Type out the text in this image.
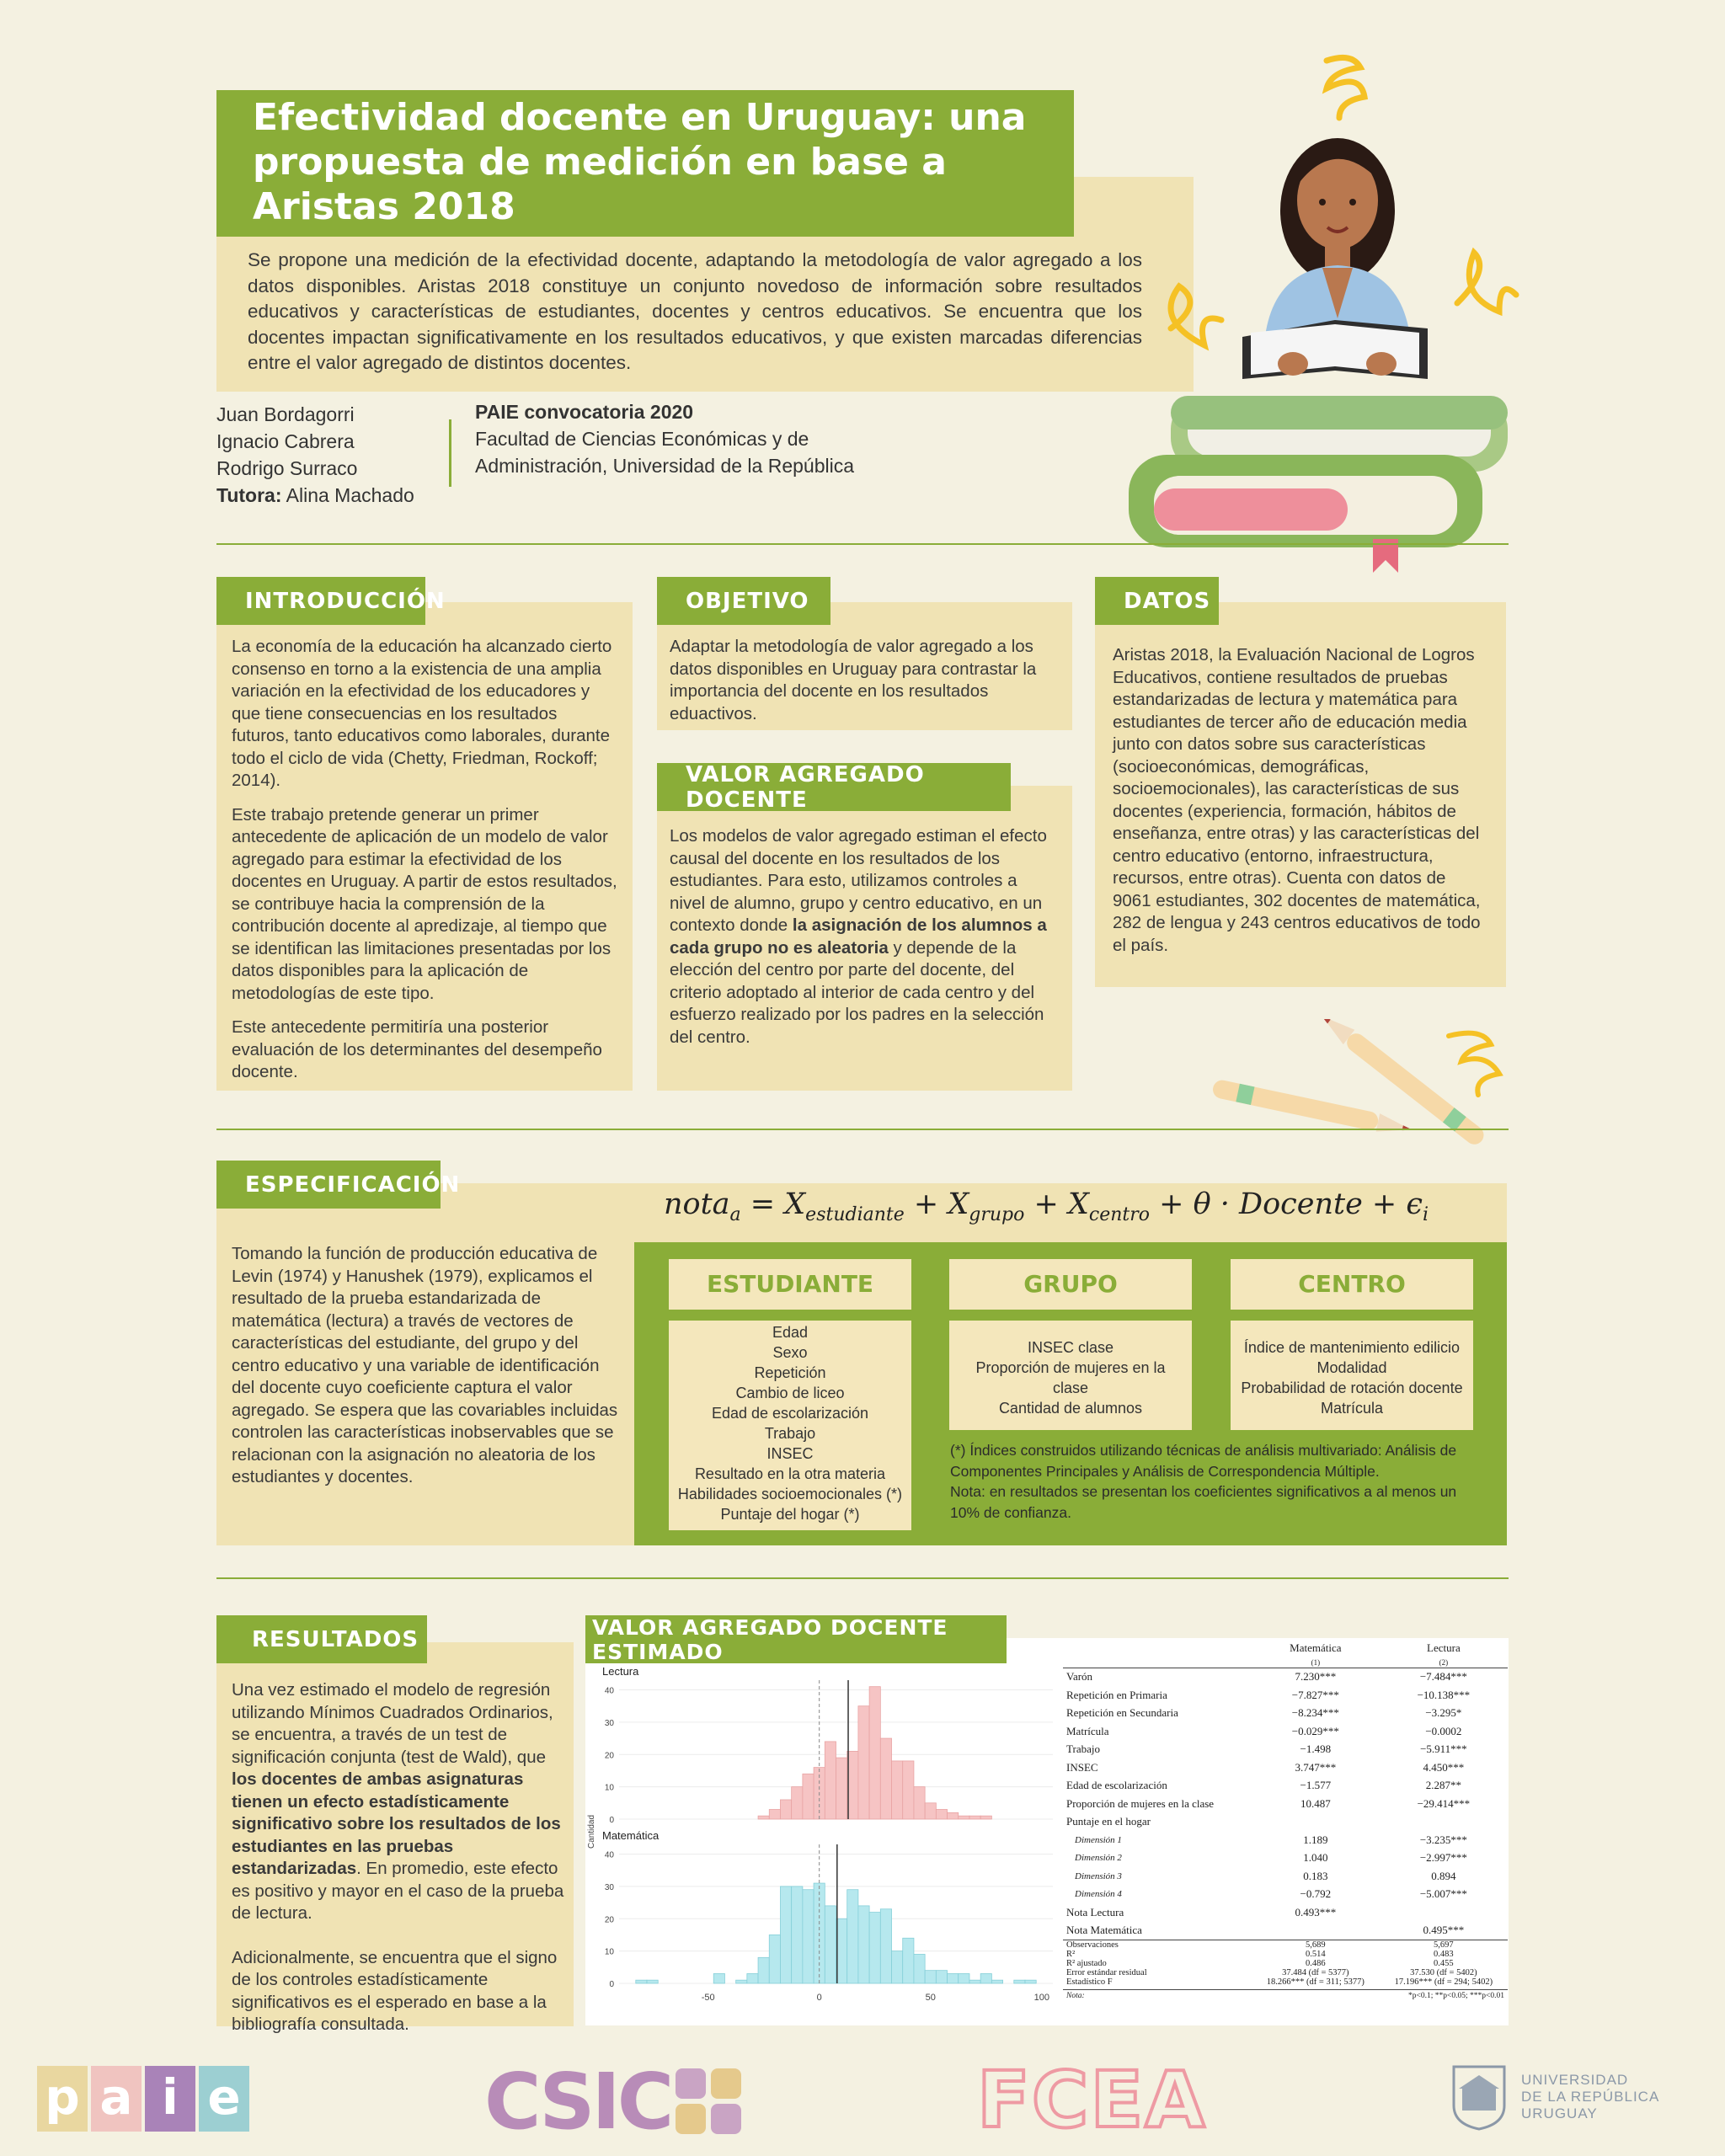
Efectividad docente en Uruguay: una propuesta de medición en base a Aristas 2018
Se propone una medición de la efectividad docente, adaptando la metodología de valor agregado a los datos disponibles. Aristas 2018 constituye un conjunto novedoso de información sobre resultados educativos y características de estudiantes, docentes y centros educativos. Se encuentra que los docentes impactan significativamente en los resultados educativos, y que existen marcadas diferencias entre el valor agregado de distintos docentes.
Juan Bordagorri
Ignacio Cabrera
Rodrigo Surraco
Tutora: Alina Machado
PAIE convocatoria 2020
Facultad de Ciencias Económicas y de Administración, Universidad de la República
INTRODUCCIÓN

La economía de la educación ha alcanzado cierto consenso en torno a la existencia de una amplia variación en la efectividad de los educadores y que tiene consecuencias en los resultados futuros, tanto educativos como laborales, durante todo el ciclo de vida (Chetty, Friedman, Rockoff; 2014).

Este trabajo pretende generar un primer antecedente de aplicación de un modelo de valor agregado para estimar la efectividad de los docentes en Uruguay. A partir de estos resultados, se contribuye hacia la comprensión de la contribución docente al apredizaje, al tiempo que se identifican las limitaciones presentadas por los datos disponibles para la aplicación de metodologías de este tipo.

Este antecedente permitiría una posterior evaluación de los determinantes del desempeño docente.

OBJETIVO
Adaptar la metodología de valor agregado a los datos disponibles en Uruguay para contrastar la importancia del docente en los resultados eduactivos.
VALOR AGREGADO DOCENTE
Los modelos de valor agregado estiman el efecto causal del docente en los resultados de los estudiantes. Para esto, utilizamos controles a nivel de alumno, grupo y centro educativo, en un contexto donde la asignación de los alumnos a cada grupo no es aleatoria y depende de la elección del centro por parte del docente, del criterio adoptado al interior de cada centro y del esfuerzo realizado por los padres en la selección del centro.
DATOS
Aristas 2018, la Evaluación Nacional de Logros Educativos, contiene resultados de pruebas estandarizadas de lectura y matemática para estudiantes de tercer año de educación media junto con datos sobre sus características (socioeconómicas, demográficas, socioemocionales), las características de sus docentes (experiencia, formación, hábitos de enseñanza, entre otras) y las características del centro educativo (entorno, infraestructura, recursos, entre otras). Cuenta con datos de 9061 estudiantes, 302 docentes de matemática, 282 de lengua y 243 centros educativos de todo el país.
ESPECIFICACIÓN
Tomando la función de producción educativa de Levin (1974) y Hanushek (1979), explicamos el resultado de la prueba estandarizada de matemática (lectura) a través de vectores de características del estudiante, del grupo y del centro educativo y una variable de identificación del docente cuyo coeficiente captura el valor agregado. Se espera que las covariables incluidas controlen las características inobservables que se relacionan con la asignación no aleatoria de los estudiantes y docentes.
nota$_a$ = $X_{estudiante} + X_{grupo} + X_{centro} + \theta$ · Docente + $\epsilon_i$
ESTUDIANTE
Edad
Sexo
Repetición
Cambio de liceo
Edad de escolarización
Trabajo
INSEC
Resultado en la otra materia
Habilidades socioemocionales (*)
Puntaje del hogar (*)
GRUPO
INSEC clase
Proporción de mujeres en la clase
Cantidad de alumnos
CENTRO
Índice de mantenimiento edilicio
Modalidad
Probabilidad de rotación docente
Matrícula
(*) Índices construidos utilizando técnicas de análisis multivariado: Análisis de Componentes Principales y Análisis de Correspondencia Múltiple.
Nota: en resultados se presentan los coeficientes significativos a al menos un 10% de confianza.
RESULTADOS

Una vez estimado el modelo de regresión utilizando Mínimos Cuadrados Ordinarios, se encuentra, a través de un test de significación conjunta (test de Wald), que los docentes de ambas asignaturas tienen un efecto estadísticamente significativo sobre los resultados de los estudiantes en las pruebas estandarizadas. En promedio, este efecto es positivo y mayor en el caso de la prueba de lectura.

Adicionalmente, se encuentra que el signo de los controles estadísticamente significativos es el esperado en base a la bibliografía consultada.

VALOR AGREGADO DOCENTE ESTIMADO
Lectura
0
10
20
30
40
Matemática
0
10
20
30
40
-50	0	50	100
Cantidad
	Matemática	Lectura
	(1)	(2)
Varón	7.230***	−7.484***
Repetición en Primaria	−7.827***	−10.138***
Repetición en Secundaria	−8.234***	−3.295*
Matrícula	−0.029***	−0.0002
Trabajo	−1.498	−5.911***
INSEC	3.747***	4.450***
Edad de escolarización	−1.577	2.287**
Proporción de mujeres en la clase	10.487	−29.414***
Puntaje en el hogar		
Dimensión 1	1.189	−3.235***
Dimensión 2	1.040	−2.997***
Dimensión 3	0.183	0.894
Dimensión 4	−0.792	−5.007***
Nota Lectura	0.493***	
Nota Matemática		0.495***
Observaciones	5,689	5,697
R²	0.514	0.483
R² ajustado	0.486	0.455
Error estándar residual	37.484 (df = 5377)	37.530 (df = 5402)
Estadístico F	18.266*** (df = 311; 5377)	17.196*** (df = 294; 5402)
Nota:	*p<0.1; **p<0.05; ***p<0.01
p a i e	CSIC	FCEA	UNIVERSIDAD
DE LA REPÚBLICA
URUGUAY
